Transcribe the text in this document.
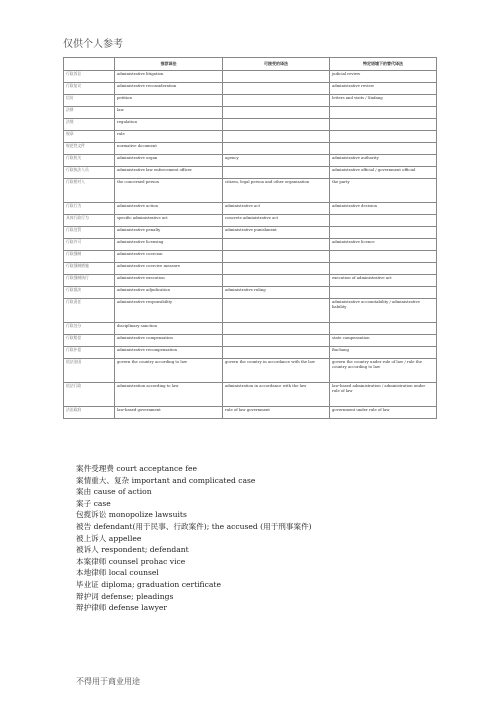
仅供个人参考
	推荐译法	可接受的译法	特定语境下的替代译法
行政诉讼	administrative litigation		judicial review
行政复议	administrative reconsideration		administrative review
信访	petition		letters and visits / Xinfang
法律	law		
法规	regulation		
规章	rule		
规范性文件	normative document		
行政机关	administrative organ	agency	administrative authority
行政执法人员	administrative law enforcement officer		administrative official / government official
行政相对人	the concerned person	citizen, legal person and other organization	the party
行政行为	administrative action	administrative act	administrative decision
具体行政行为	specific administrative act	concrete administrative act	
行政处罚	administrative penalty	administrative punishment	
行政许可	administrative licensing		administrative licence
行政强制	administrative coercion		
行政强制措施	administrative coercive measure		
行政强制执行	administrative execution		execution of administrative act
行政裁决	administrative adjudication	administrative ruling	
行政责任	administrative responsibility		administrative accountability / administrative liability
行政处分	disciplinary sanction		
行政赔偿	administrative compensation		state compensation
行政补偿	administrative recompensation		Buchang
依法治国	govern the country according to law	govern the country in accordance with the law	govern the country under rule of law / rule the country according to law
依法行政	administration according to law	administration in accordance with the law	law-based administration / administration under rule of law
法治政府	law-based government	rule of law government	government under rule of law
案件受理费 court acceptance fee
案情重大、复杂 important and complicated case
案由 cause of action
案子 case
包揽诉讼 monopolize lawsuits
被告 defendant(用于民事、行政案件); the accused (用于刑事案件)
被上诉人 appellee
被诉人 respondent; defendant
本案律师 counsel prohac vice
本地律师 local counsel
毕业证 diploma; graduation certificate
辩护词 defense; pleadings
辩护律师 defense lawyer
不得用于商业用途
